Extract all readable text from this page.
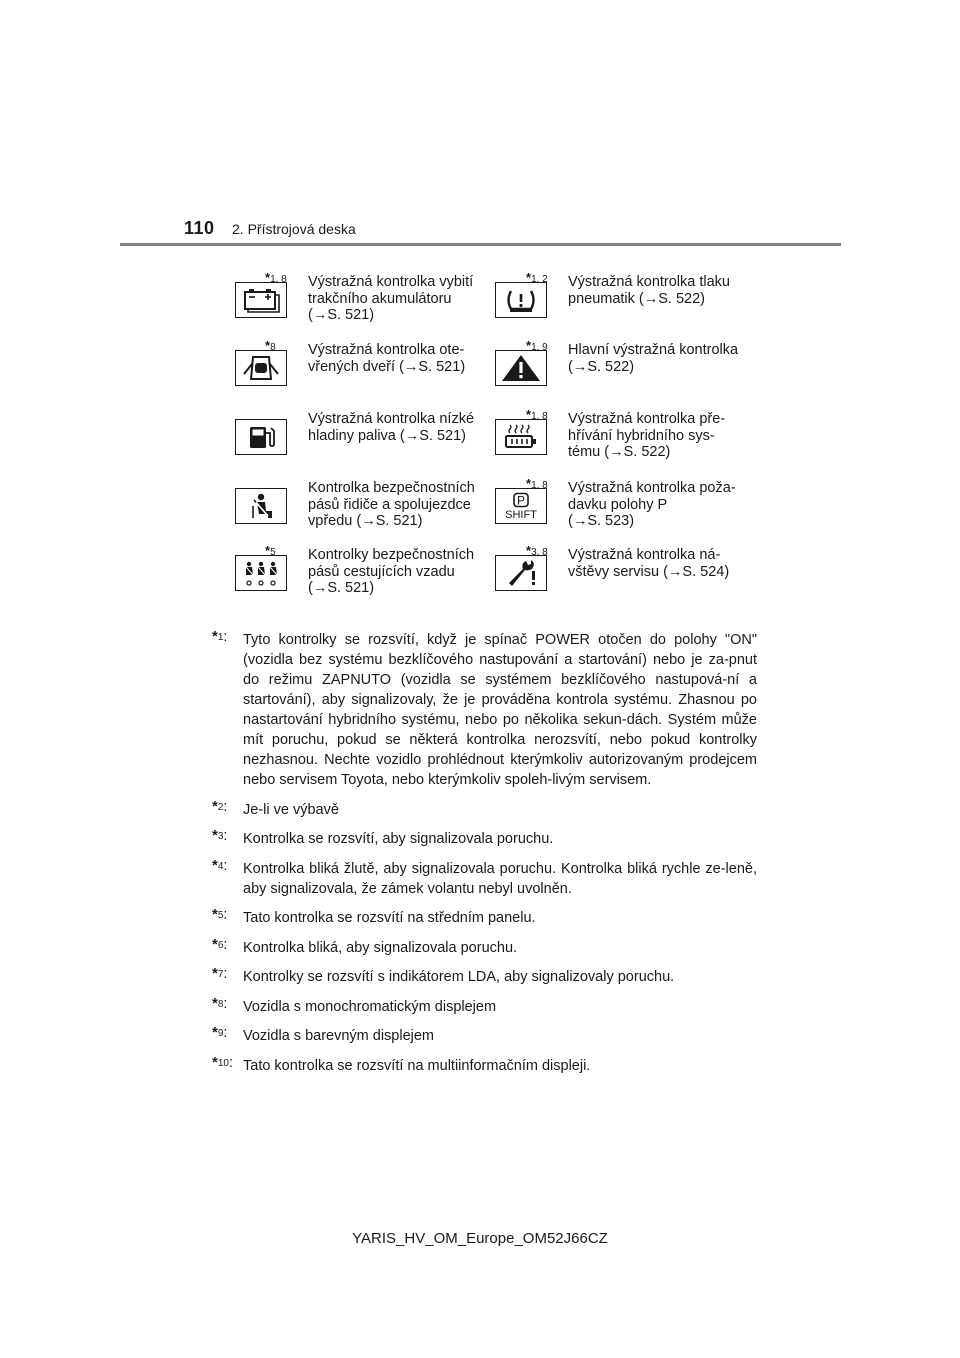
110 2. Přístrojová deska
*1, 8 Výstražná kontrolka vybití
trakčního akumulátoru
(→S. 521)
*1, 2 Výstražná kontrolka tlaku
pneumatik (→S. 522)
*8 Výstražná kontrolka ote-
vřených dveří (→S. 521)
*1, 9 Hlavní výstražná kontrolka
(→S. 522)
Výstražná kontrolka nízké
hladiny paliva (→S. 521)
*1, 8 Výstražná kontrolka pře-
hřívání hybridního sys-
tému (→S. 522)
Kontrolka bezpečnostních
pásů řidiče a spolujezdce
vpředu (→S. 521)
P
SHIFT
*1, 8 Výstražná kontrolka poža-
davku polohy P
(→S. 523)
*5 Kontrolky bezpečnostních
pásů cestujících vzadu
(→S. 521)
*3, 8 Výstražná kontrolka ná-
vštěvy servisu (→S. 524)
*$^1$: Tyto kontrolky se rozsvítí, když je spínač POWER otočen do polohy "ON" (vozidla bez systému bezklíčového nastupování a startování) nebo je za-pnut do režimu ZAPNUTO (vozidla se systémem bezklíčového nastupová-ní a startování), aby signalizovaly, že je prováděna kontrola systému. Zhasnou po nastartování hybridního systému, nebo po několika sekun-dách. Systém může mít poruchu, pokud se některá kontrolka nerozsvítí, nebo pokud kontrolky nezhasnou. Nechte vozidlo prohlédnout kterýmkoliv autorizovaným prodejcem nebo servisem Toyota, nebo kterýmkoliv spoleh-livým servisem.
*$^2$: Je-li ve výbavě
*$^3$: Kontrolka se rozsvítí, aby signalizovala poruchu.
*$^4$: Kontrolka bliká žlutě, aby signalizovala poruchu. Kontrolka bliká rychle ze-leně, aby signalizovala, že zámek volantu nebyl uvolněn.
*$^5$: Tato kontrolka se rozsvítí na středním panelu.
*$^6$: Kontrolka bliká, aby signalizovala poruchu.
*$^7$: Kontrolky se rozsvítí s indikátorem LDA, aby signalizovaly poruchu.
*$^8$: Vozidla s monochromatickým displejem
*$^9$: Vozidla s barevným displejem
*$^{10}$: Tato kontrolka se rozsvítí na multiinformačním displeji.
YARIS_HV_OM_Europe_OM52J66CZ
